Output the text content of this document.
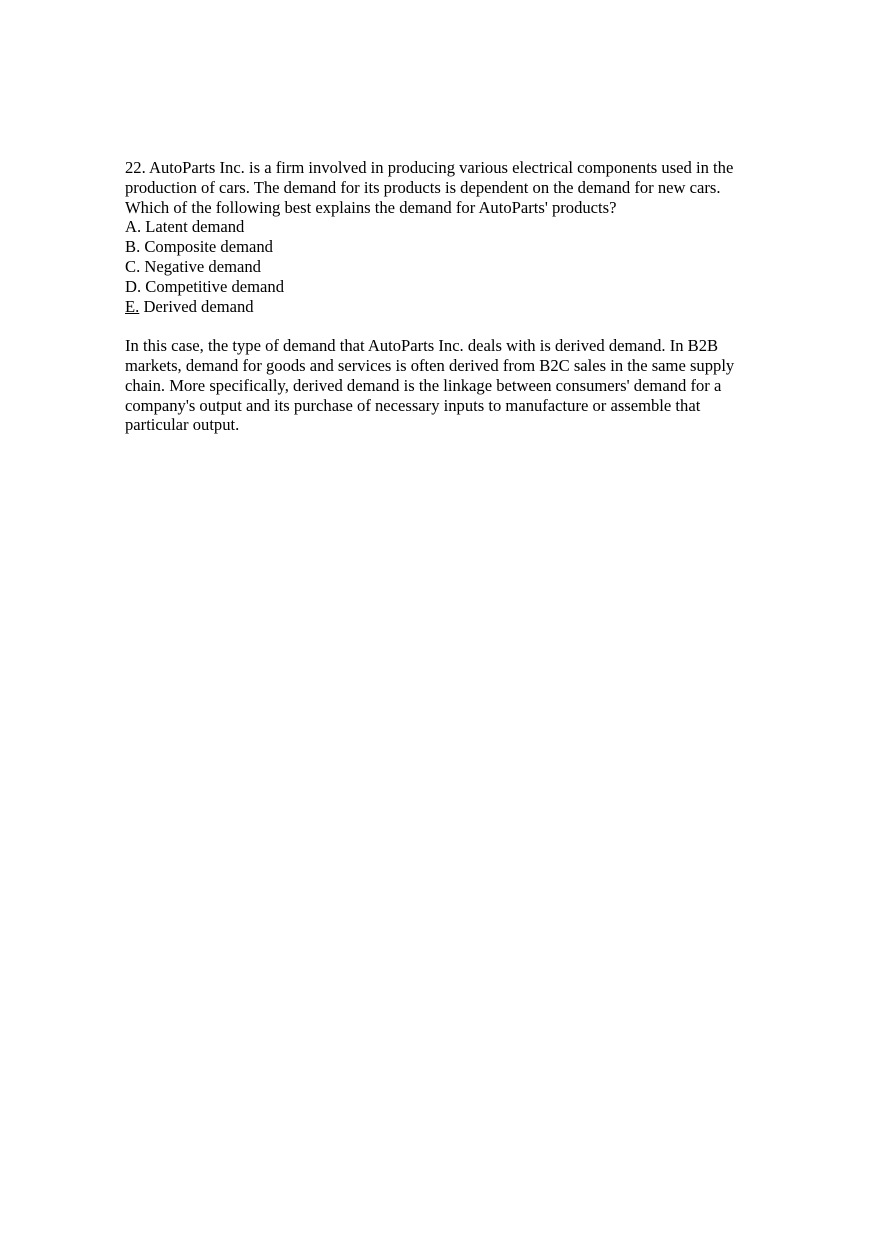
22. AutoParts Inc. is a firm involved in producing various electrical components used in the

production of cars. The demand for its products is dependent on the demand for new cars.

Which of the following best explains the demand for AutoParts' products?

A. Latent demand
B. Composite demand
C. Negative demand
D. Competitive demand
E. Derived demand

In this case, the type of demand that AutoParts Inc. deals with is derived demand. In B2B

markets, demand for goods and services is often derived from B2C sales in the same supply

chain. More specifically, derived demand is the linkage between consumers' demand for a

company's output and its purchase of necessary inputs to manufacture or assemble that

particular output.
